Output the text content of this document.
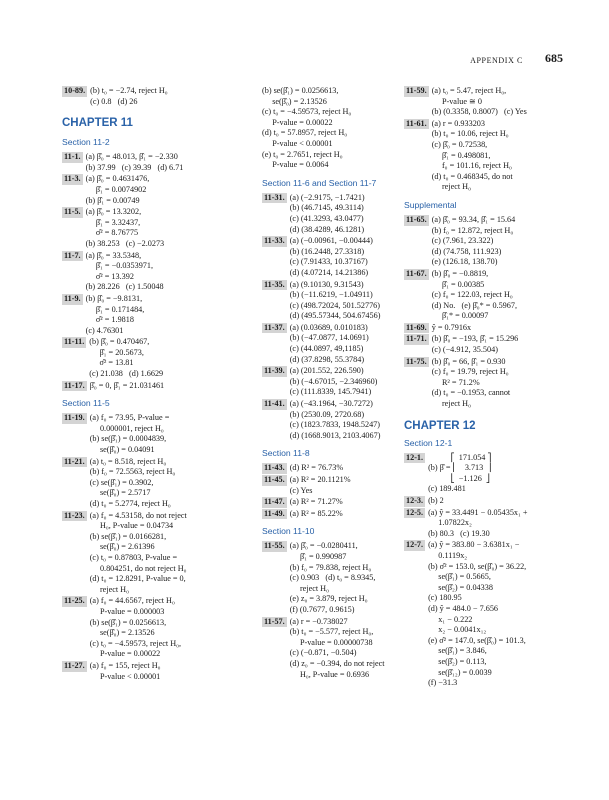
APPENDIX C 685
10-89. (b) t₀ = −2.74, reject H₀
(c) 0.8   (d) 26
CHAPTER 11
Section 11-2
11-1. (a) β̂₀ = 48.013, β̂₁ = −2.330
(b) 37.99   (c) 39.39   (d) 6.71
11-3. (a) β̂₀ = 0.4631476,
β̂₁ = 0.0074902
(b) β̂₁ = 0.00749
11-5. (a) β̂₀ = 13.3202,
β̂₁ = 3.32437,
σ̂² = 8.76775
(b) 38.253   (c) −2.0273
11-7. (a) β̂₀ = 33.5348,
β̂₁ = −0.0353971,
σ̂² = 13.392
(b) 28.226   (c) 1.50048
11-9. (b) β̂₀ = −9.8131,
β̂₁ = 0.171484,
σ̂² = 1.9818
(c) 4.76301
11-11. (b) β̂₀ = 0.470467,
β̂₁ = 20.5673,
σ̂² = 13.81
(c) 21.038   (d) 1.6629
11-17. β̂₀ = 0, β̂₁ = 21.031461
Section 11-5
11-19. (a) f₀ = 73.95, P-value =
0.000001, reject H₀
(b) se(β̂₁) = 0.0004839,
se(β̂₀) = 0.04091
11-21. (a) t₀ = 8.518, reject H₀
(b) f₀ = 72.5563, reject H₀
(c) se(β̂₁) = 0.3902,
se(β̂₀) = 2.5717
(d) t₀ = 5.2774, reject H₀
11-23. (a) f₀ = 4.53158, do not reject
H₀, P-value = 0.04734
(b) se(β̂₁) = 0.0166281,
se(β̂₀) = 2.61396
(c) t₀ = 0.87803, P-value =
0.804251, do not reject H₀
(d) t₀ = 12.8291, P-value = 0,
reject H₀
11-25. (a) f₀ = 44.6567, reject H₀
P-value = 0.000003
(b) se(β̂₁) = 0.0256613,
se(β̂₀) = 2.13526
(c) t₀ = −4.59573, reject H₀,
P-value = 0.00022
11-27. (a) f₀ = 155, reject H₀
P-value < 0.00001
(b) se(β̂₁) = 0.0256613,
se(β̂₀) = 2.13526
(c) t₀ = −4.59573, reject H₀
P-value = 0.00022
(d) t₀ = 57.8957, reject H₀
P-value < 0.00001
(e) t₀ = 2.7651, reject H₀
P-value = 0.0064
Section 11-6 and Section 11-7
11-31. (a) (−2.9175, −1.7421)
(b) (46.7145, 49.3114)
(c) (41.3293, 43.0477)
(d) (38.4289, 46.1281)
11-33. (a) (−0.00961, −0.00444)
(b) (16.2448, 27.3318)
(c) (7.91433, 10.37167)
(d) (4.07214, 14.21386)
11-35. (a) (9.10130, 9.31543)
(b) (−11.6219, −1.04911)
(c) (498.72024, 501.52776)
(d) (495.57344, 504.67456)
11-37. (a) (0.03689, 0.010183)
(b) (−47.0877, 14.0691)
(c) (44.0897, 49,1185)
(d) (37.8298, 55.3784)
11-39. (a) (201.552, 226.590)
(b) (−4.67015, −2.346960)
(c) (111.8339, 145.7941)
11-41. (a) (−43.1964, −30.7272)
(b) (2530.09, 2720.68)
(c) (1823.7833, 1948.5247)
(d) (1668.9013, 2103.4067)
Section 11-8
11-43. (d) R² = 76.73%
11-45. (a) R² = 20.1121%
(c) Yes
11-47. (a) R² = 71.27%
11-49. (a) R² = 85.22%
Section 11-10
11-55. (a) β̂₀ = −0.0280411,
β̂₁ = 0.990987
(b) f₀ = 79.838, reject H₀
(c) 0.903   (d) t₀ = 8.9345,
reject H₀
(e) z₀ = 3.879, reject H₀
(f) (0.7677, 0.9615)
11-57. (a) r = −0.738027
(b) t₀ = −5.577, reject H₀,
P-value = 0.00000738
(c) (−0.871, −0.504)
(d) z₀ = −0.394, do not reject
H₀, P-value = 0.6936
11-59. (a) t₀ = 5.47, reject H₀,
P-value ≅ 0
(b) (0.3358, 0.8007)   (c) Yes
11-61. (a) r = 0.933203
(b) t₀ = 10.06, reject H₀
(c) β̂₀ = 0.72538,
β̂₁ = 0.498081,
f₀ = 101.16, reject H₀
(d) t₀ = 0.468345, do not
reject H₀
Supplemental
11-65. (a) β̂₀ = 93.34, β̂₁ = 15.64
(b) f₀ = 12.872, reject H₀
(c) (7.961, 23.322)
(d) (74.758, 111.923)
(e) (126.18, 138.70)
11-67. (b) β̂₀ = −0.8819,
β̂₁ = 0.00385
(c) f₀ = 122.03, reject H₀
(d) No.   (e) β̂₀* = 0.5967,
β̂₁* = 0.00097
11-69. ŷ = 0.7916x
11-71. (b) β̂₀ = −193, β̂₁ = 15.296
(c) (−4.912, 35.504)
11-75. (b) β̂₀ = 66, β̂₁ = 0.930
(c) f₀ = 19.79, reject H₀
R² = 71.2%
(d) t₀ = −0.1953, cannot
reject H₀
CHAPTER 12
Section 12-1
12-1. ⎡  171.054 ⎤
(b) β̂ = ⎢    3.713  ⎥
⎣  −1.126  ⎦
(c) 189.481
12-3. (b) 2
12-5. (a) ŷ = 33.4491 − 0.05435x₁ +
1.07822x₂
(b) 80.3   (c) 19.30
12-7. (a) ŷ = 383.80 − 3.6381x₁ −
0.1119x₂
(b) σ̂² = 153.0, se(β̂₀) = 36.22,
se(β̂₁) = 0.5665,
se(β̂₂) = 0.04338
(c) 180.95
(d) ŷ = 484.0 − 7.656
x₁ − 0.222
x₂ − 0.0041x₁₂
(e) σ̂² = 147.0, se(β̂₀) = 101.3,
se(β̂₁) = 3.846,
se(β̂₂) = 0.113,
se(β̂₁₂) = 0.0039
(f) −31.3
